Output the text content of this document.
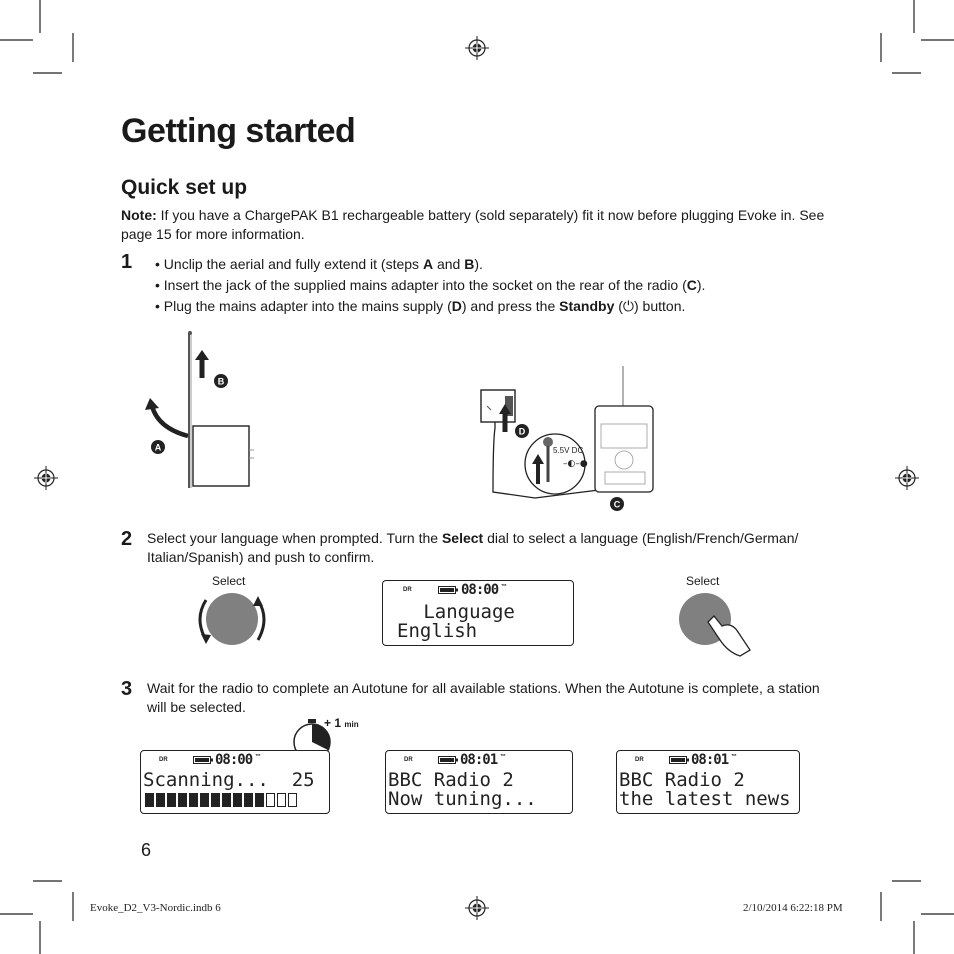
Getting started
Quick set up
Note: If you have a ChargePAK B1 rechargeable battery (sold separately) fit it now before plugging Evoke in. See page 15 for more information.
1 • Unclip the aerial and fully extend it (steps A and B).
• Insert the jack of the supplied mains adapter into the socket on the rear of the radio (C).
• Plug the mains adapter into the mains supply (D) and press the Standby (⏻) button.
A
B
5.5V DC
–◐–●
C
D
2 Select your language when prompted. Turn the Select dial to select a language (English/French/German/ Italian/Spanish) and push to confirm.
Select
DR	08:00 ™
Language
English
Select
3 Wait for the radio to complete an Autotune for all available stations. When the Autotune is complete, a station will be selected.
+ 1 min
DR	08:00 ™
Scanning...  25
DR	08:01 ™
BBC Radio 2
Now tuning...
DR	08:01 ™
BBC Radio 2
the latest news
6
Evoke_D2_V3-Nordic.indb 6	2/10/2014 6:22:18 PM
